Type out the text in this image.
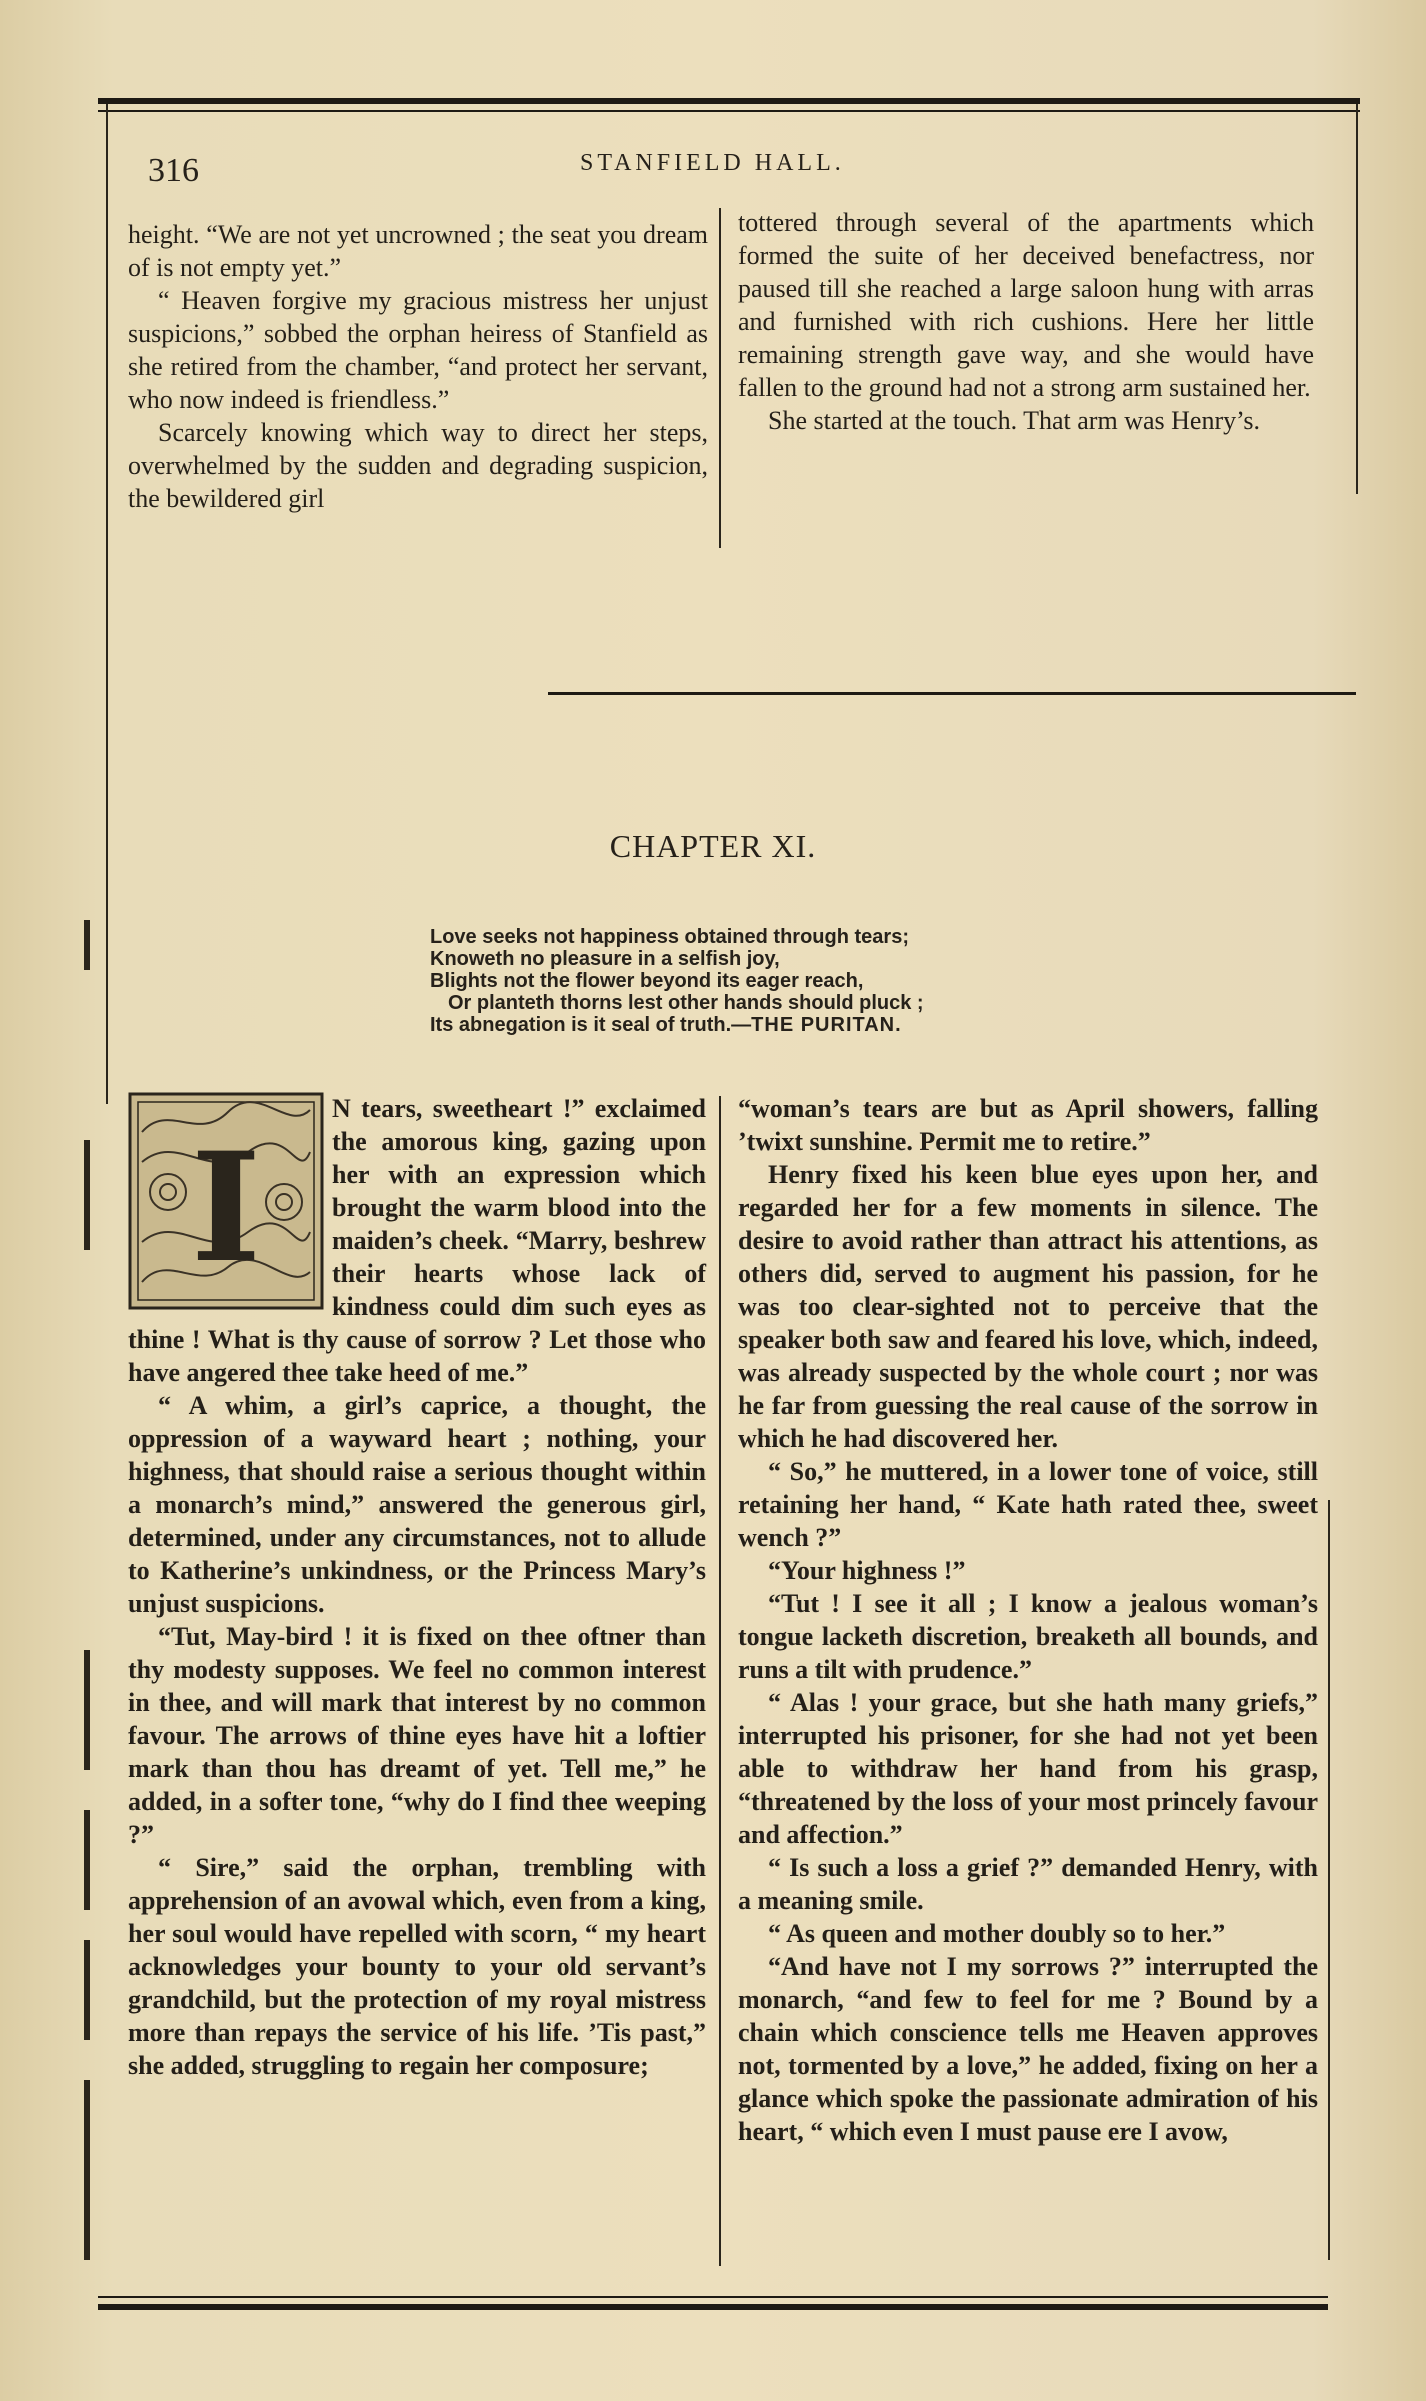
316	STANFIELD HALL.

height. “We are not yet uncrowned ; the seat you dream of is not empty yet.”

“ Heaven forgive my gracious mistress her unjust suspicions,” sobbed the orphan heiress of Stanfield as she retired from the chamber, “and protect her servant, who now indeed is friendless.”

Scarcely knowing which way to direct her steps, overwhelmed by the sudden and degrading suspicion, the bewildered girl

tottered through several of the apartments which formed the suite of her deceived benefactress, nor paused till she reached a large saloon hung with arras and furnished with rich cushions. Here her little remaining strength gave way, and she would have fallen to the ground had not a strong arm sustained her.

She started at the touch. That arm was Henry’s.

CHAPTER XI.
Love seeks not happiness obtained through tears;
Knoweth no pleasure in a selfish joy,
Blights not the flower beyond its eager reach,
Or planteth thorns lest other hands should pluck ;
Its abnegation is it seal of truth.—THE PURITAN.
I

N tears, sweetheart !” exclaimed the amorous king, gazing upon her with an expression which brought the warm blood into the maiden’s cheek. “Marry, beshrew their hearts whose lack of kindness could dim such eyes as thine ! What is thy cause of sorrow ? Let those who have angered thee take heed of me.”

“ A whim, a girl’s caprice, a thought, the oppression of a wayward heart ; nothing, your highness, that should raise a serious thought within a monarch’s mind,” answered the generous girl, determined, under any circumstances, not to allude to Katherine’s unkindness, or the Princess Mary’s unjust suspicions.

“Tut, May-bird ! it is fixed on thee oftner than thy modesty supposes. We feel no common interest in thee, and will mark that interest by no common favour. The arrows of thine eyes have hit a loftier mark than thou has dreamt of yet. Tell me,” he added, in a softer tone, “why do I find thee weeping ?”

“ Sire,” said the orphan, trembling with apprehension of an avowal which, even from a king, her soul would have repelled with scorn, “ my heart acknowledges your bounty to your old servant’s grandchild, but the protection of my royal mistress more than repays the service of his life. ’Tis past,” she added, struggling to regain her composure;

“woman’s tears are but as April showers, falling ’twixt sunshine. Permit me to retire.”

Henry fixed his keen blue eyes upon her, and regarded her for a few moments in silence. The desire to avoid rather than attract his attentions, as others did, served to augment his passion, for he was too clear-sighted not to perceive that the speaker both saw and feared his love, which, indeed, was already suspected by the whole court ; nor was he far from guessing the real cause of the sorrow in which he had discovered her.

“ So,” he muttered, in a lower tone of voice, still retaining her hand, “ Kate hath rated thee, sweet wench ?”

“Your highness !”

“Tut ! I see it all ; I know a jealous woman’s tongue lacketh discretion, breaketh all bounds, and runs a tilt with prudence.”

“ Alas ! your grace, but she hath many griefs,” interrupted his prisoner, for she had not yet been able to withdraw her hand from his grasp, “threatened by the loss of your most princely favour and affection.”

“ Is such a loss a grief ?” demanded Henry, with a meaning smile.

“ As queen and mother doubly so to her.”

“And have not I my sorrows ?” interrupted the monarch, “and few to feel for me ? Bound by a chain which conscience tells me Heaven approves not, tormented by a love,” he added, fixing on her a glance which spoke the passionate admiration of his heart, “ which even I must pause ere I avow,
